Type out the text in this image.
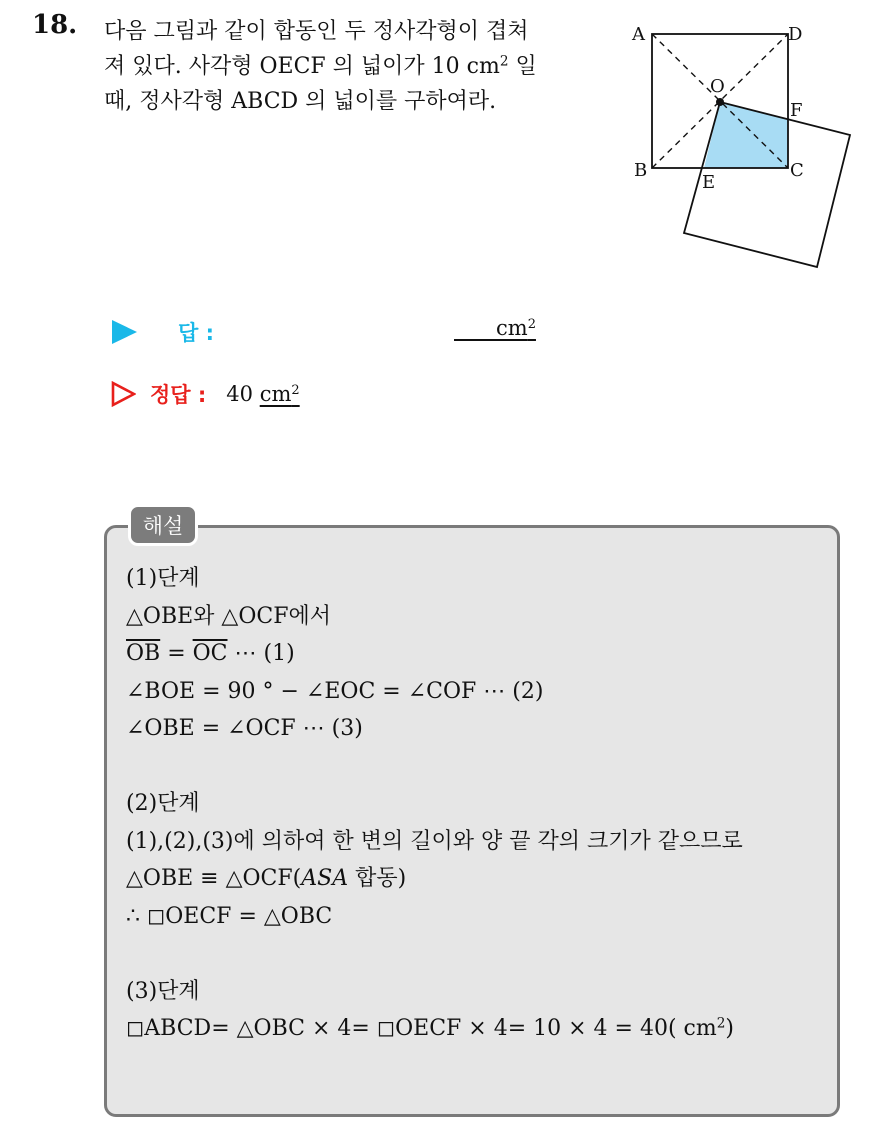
18. 다음 그림과 같이 합동인 두 정사각형이 겹쳐
져 있다. 사각형 OECF 의 넓이가 10 $cm^2$ 일
때, 정사각형 ABCD 의 넓이를 구하여라.
A	D
O
F
B	C
E
답 :
  	$cm^2$
정답 : 40 $cm^2$
해설
(1)단계
△OBE와 △OCF에서
$\overline{OB} = \overline{OC}$ ⋯ (1)
∠BOE = 90 ° − ∠EOC = ∠COF ⋯ (2)
∠OBE = ∠OCF ⋯ (3)
(2)단계
(1),(2),(3)에 의하여 한 변의 길이와 양 끝 각의 크기가 같으므로
△OBE ≡ △OCF(ASA 합동)
∴ ◻OECF = △OBC
(3)단계
◻ABCD= △OBC × 4= ◻OECF × 4= 10 × 4 = 40( $cm^2$)
